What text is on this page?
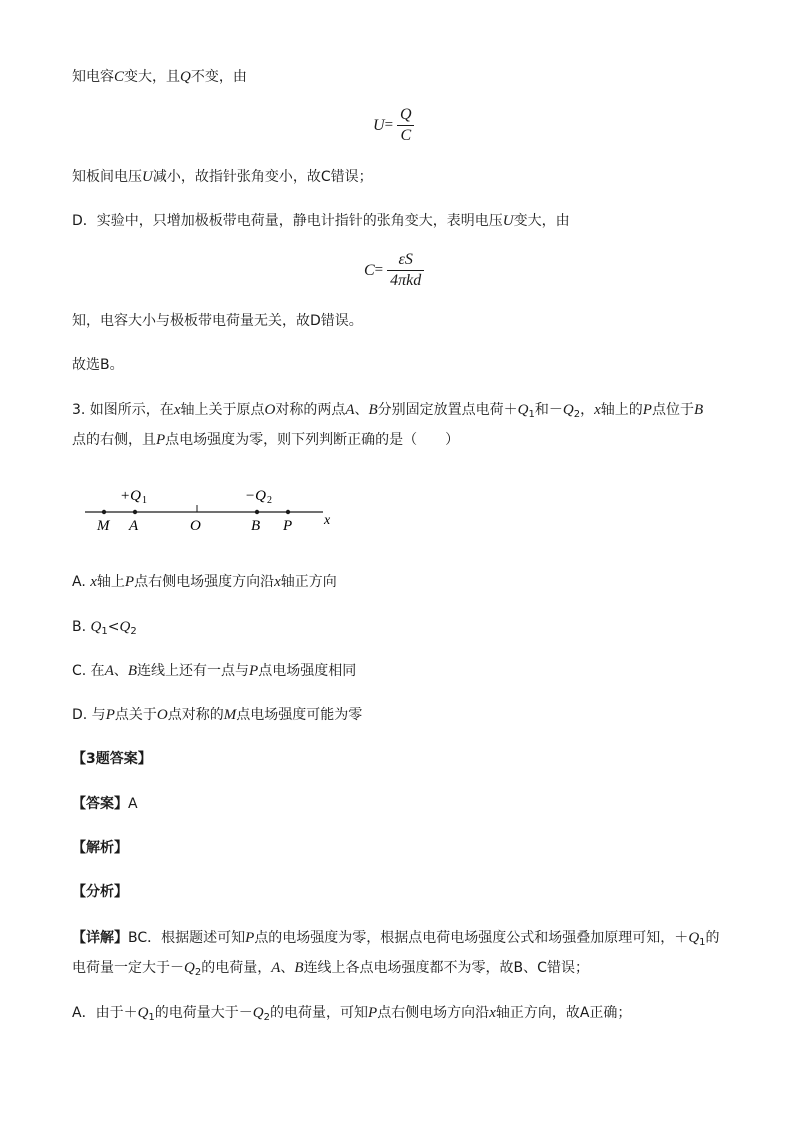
知电容C变大，且Q不变，由
$U = \frac{Q}{C}$
知板间电压U减小，故指针张角变小，故C错误；
D．实验中，只增加极板带电荷量，静电计指针的张角变大，表明电压U变大，由
$C = \frac{\varepsilon S}{\text{4πkd}}$
知，电容大小与极板带电荷量无关，故D错误。
故选B。
3. 如图所示，在x轴上关于原点O对称的两点A、B分别固定放置点电荷$+Q_1$和$-Q_2$，x轴上的P点位于B
点的右侧，且P点电场强度为零，则下列判断正确的是（　　）
+Q 1	−Q 2
M A	O	B P x
A. x轴上P点右侧电场强度方向沿x轴正方向
B. $Q_1<Q_2$
C. 在A、B连线上还有一点与P点电场强度相同
D. 与P点关于O点对称的M点电场强度可能为零
【3题答案】
【答案】A
【解析】
【分析】
【详解】BC．根据题述可知P点的电场强度为零，根据点电荷电场强度公式和场强叠加原理可知，$+Q_1$的
电荷量一定大于$-Q_2$的电荷量，A、B连线上各点电场强度都不为零，故B、C错误；
A．由于$+Q_1$的电荷量大于$-Q_2$的电荷量，可知P点右侧电场方向沿x轴正方向，故A正确；
